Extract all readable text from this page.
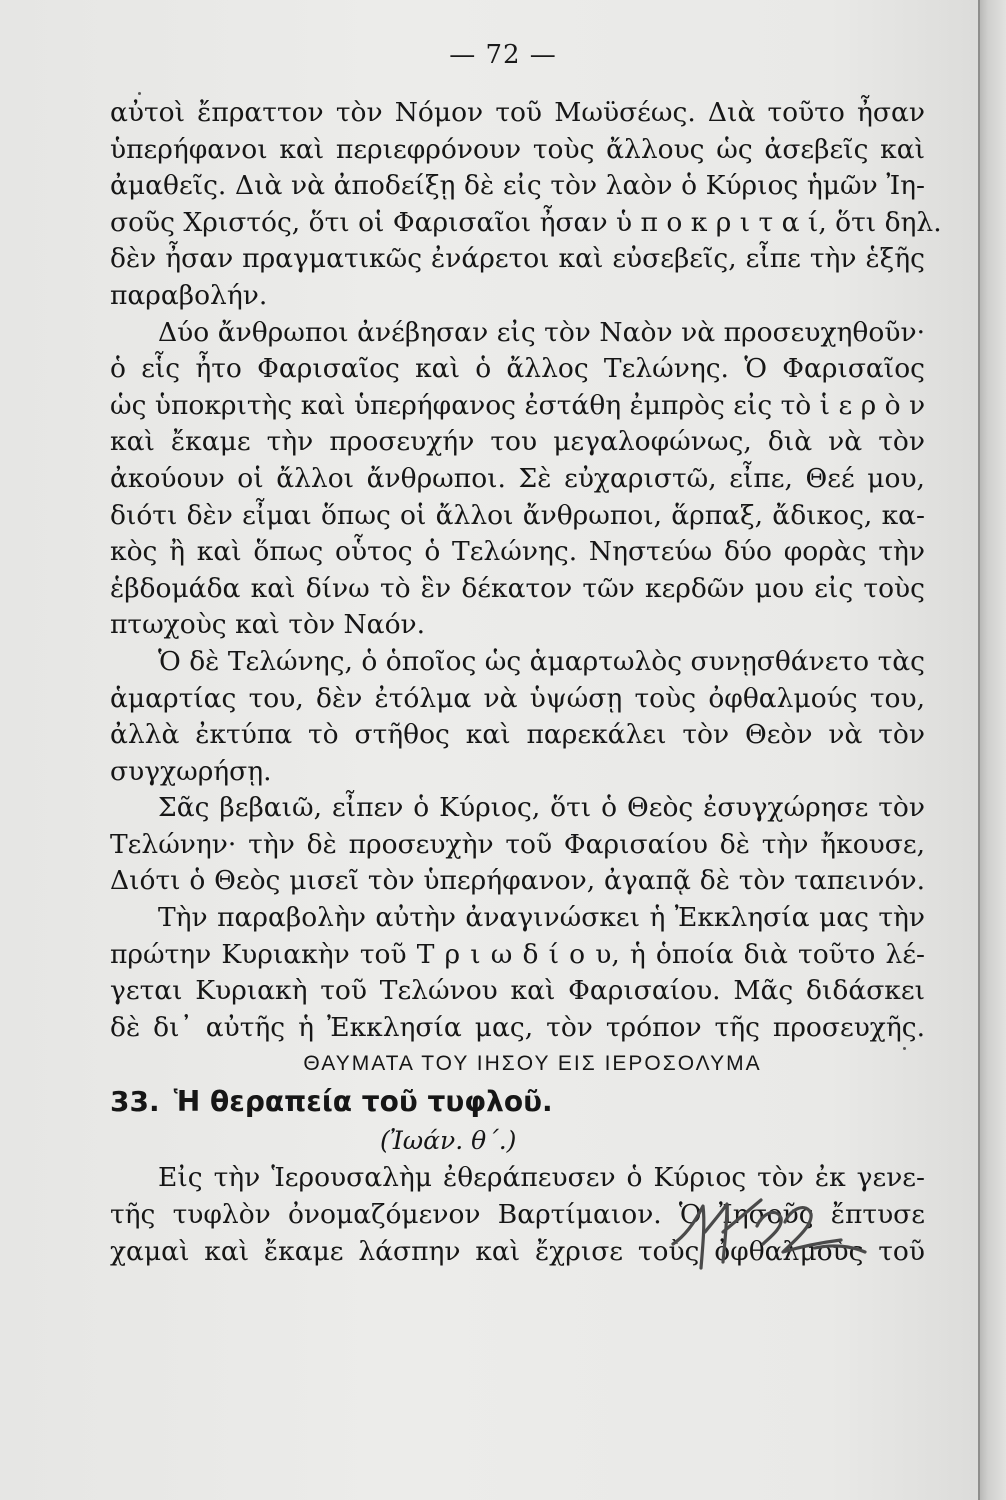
— 72 —
αὐτοὶ ἔπραττον τὸν Νόμον τοῦ Μωϋσέως. Διὰ τοῦτο ἦσαν
ὑπερήφανοι καὶ περιεφρόνουν τοὺς ἄλλους ὡς ἀσεβεῖς καὶ
ἀμαθεῖς. Διὰ νὰ ἀποδείξῃ δὲ εἰς τὸν λαὸν ὁ Κύριος ἡμῶν Ἰη-
σοῦς Χριστός, ὅτι οἱ Φαρισαῖοι ἦσαν ὑ π ο κ ρ ι τ α ί, ὅτι δηλ.
δὲν ἦσαν πραγματικῶς ἐνάρετοι καὶ εὐσεβεῖς, εἶπε τὴν ἑξῆς
παραβολήν.
Δύο ἄνθρωποι ἀνέβησαν εἰς τὸν Ναὸν νὰ προσευχηθοῦν·
ὁ εἷς ἦτο Φαρισαῖος καὶ ὁ ἄλλος Τελώνης. Ὁ Φαρισαῖος
ὡς ὑποκριτὴς καὶ ὑπερήφανος ἐστάθη ἐμπρὸς εἰς τὸ ἱ ε ρ ὸ ν
καὶ ἔκαμε τὴν προσευχήν του μεγαλοφώνως, διὰ νὰ τὸν
ἀκούουν οἱ ἄλλοι ἄνθρωποι. Σὲ εὐχαριστῶ, εἶπε, Θεέ μου,
διότι δὲν εἶμαι ὅπως οἱ ἄλλοι ἄνθρωποι, ἅρπαξ, ἄδικος, κα-
κὸς ἢ καὶ ὅπως οὗτος ὁ Τελώνης. Νηστεύω δύο φορὰς τὴν
ἑβδομάδα καὶ δίνω τὸ ἓν δέκατον τῶν κερδῶν μου εἰς τοὺς
πτωχοὺς καὶ τὸν Ναόν.
Ὁ δὲ Τελώνης, ὁ ὁποῖος ὡς ἁμαρτωλὸς συνῃσθάνετο τὰς
ἁμαρτίας του, δὲν ἐτόλμα νὰ ὑψώσῃ τοὺς ὀφθαλμούς του,
ἀλλὰ ἐκτύπα τὸ στῆθος καὶ παρεκάλει τὸν Θεὸν νὰ τὸν
συγχωρήσῃ.
Σᾶς βεβαιῶ, εἶπεν ὁ Κύριος, ὅτι ὁ Θεὸς ἐσυγχώρησε τὸν
Τελώνην· τὴν δὲ προσευχὴν τοῦ Φαρισαίου δὲ τὴν ἤκουσε,
Διότι ὁ Θεὸς μισεῖ τὸν ὑπερήφανον, ἀγαπᾷ δὲ τὸν ταπεινόν.
Τὴν παραβολὴν αὐτὴν ἀναγινώσκει ἡ Ἐκκλησία μας τὴν
πρώτην Κυριακὴν τοῦ Τ ρ ι ω δ ί ο υ, ἡ ὁποία διὰ τοῦτο λέ-
γεται Κυριακὴ τοῦ Τελώνου καὶ Φαρισαίου. Μᾶς διδάσκει
δὲ δι᾽ αὐτῆς ἡ Ἐκκλησία μας, τὸν τρόπον τῆς προσευχῆς.
ΘΑΥΜΑΤΑ ΤΟΥ ΙΗΣΟΥ ΕΙΣ ΙΕΡΟΣΟΛΥΜΑ
33. Ἡ θεραπεία τοῦ τυφλοῦ.
(Ἰωάν. θ΄.)
Εἰς τὴν Ἱερουσαλὴμ ἐθεράπευσεν ὁ Κύριος τὸν ἐκ γενε-
τῆς τυφλὸν ὀνομαζόμενον Βαρτίμαιον. Ὁ Ἰησοῦς ἔπτυσε
χαμαὶ καὶ ἔκαμε λάσπην καὶ ἔχρισε τοὺς ὀφθαλμοὺς τοῦ
